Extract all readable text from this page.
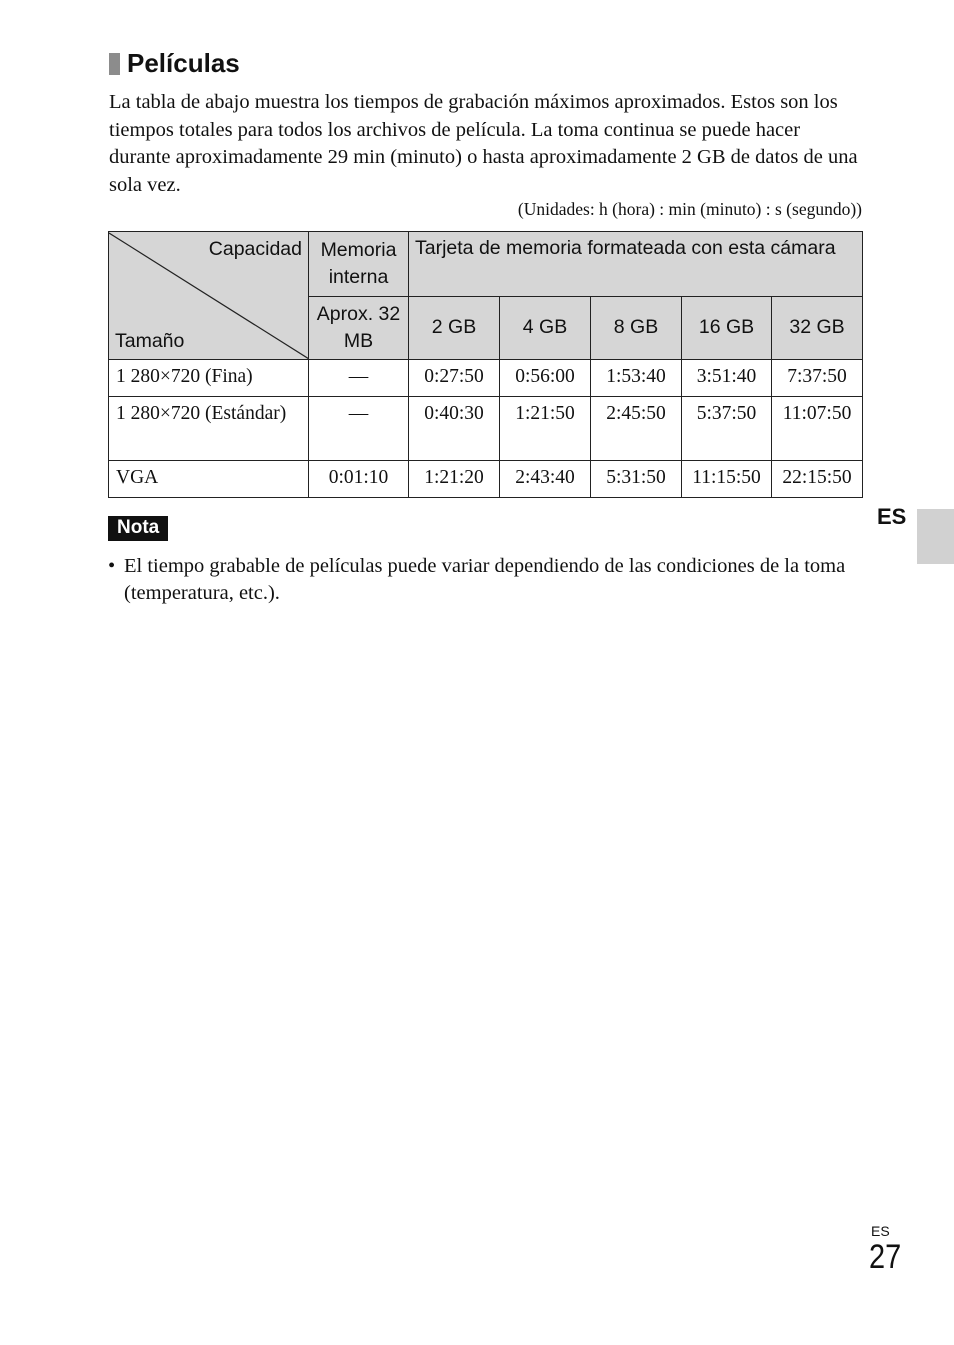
Películas

La tabla de abajo muestra los tiempos de grabación máximos aproximados. Estos son los tiempos totales para todos los archivos de película. La toma continua se puede hacer durante aproximadamente 29 min (minuto) o hasta aproximadamente 2 GB de datos de una sola vez.

(Unidades: h (hora) : min (minuto) : s (segundo))
Capacidad
Tamaño	Memoria interna	Tarjeta de memoria formateada con esta cámara				
	Aprox. 32 MB	2 GB	4 GB	8 GB	16 GB	32 GB
1 280×720 (Fina)	—	0:27:50	0:56:00	1:53:40	3:51:40	7:37:50
1 280×720 (Estándar)	—	0:40:30	1:21:50	2:45:50	5:37:50	11:07:50
VGA	0:01:10	1:21:20	2:43:40	5:31:50	11:15:50	22:15:50
Nota
• El tiempo grabable de películas puede variar dependiendo de las condiciones de la toma (temperatura, etc.).
ES
ES
27
